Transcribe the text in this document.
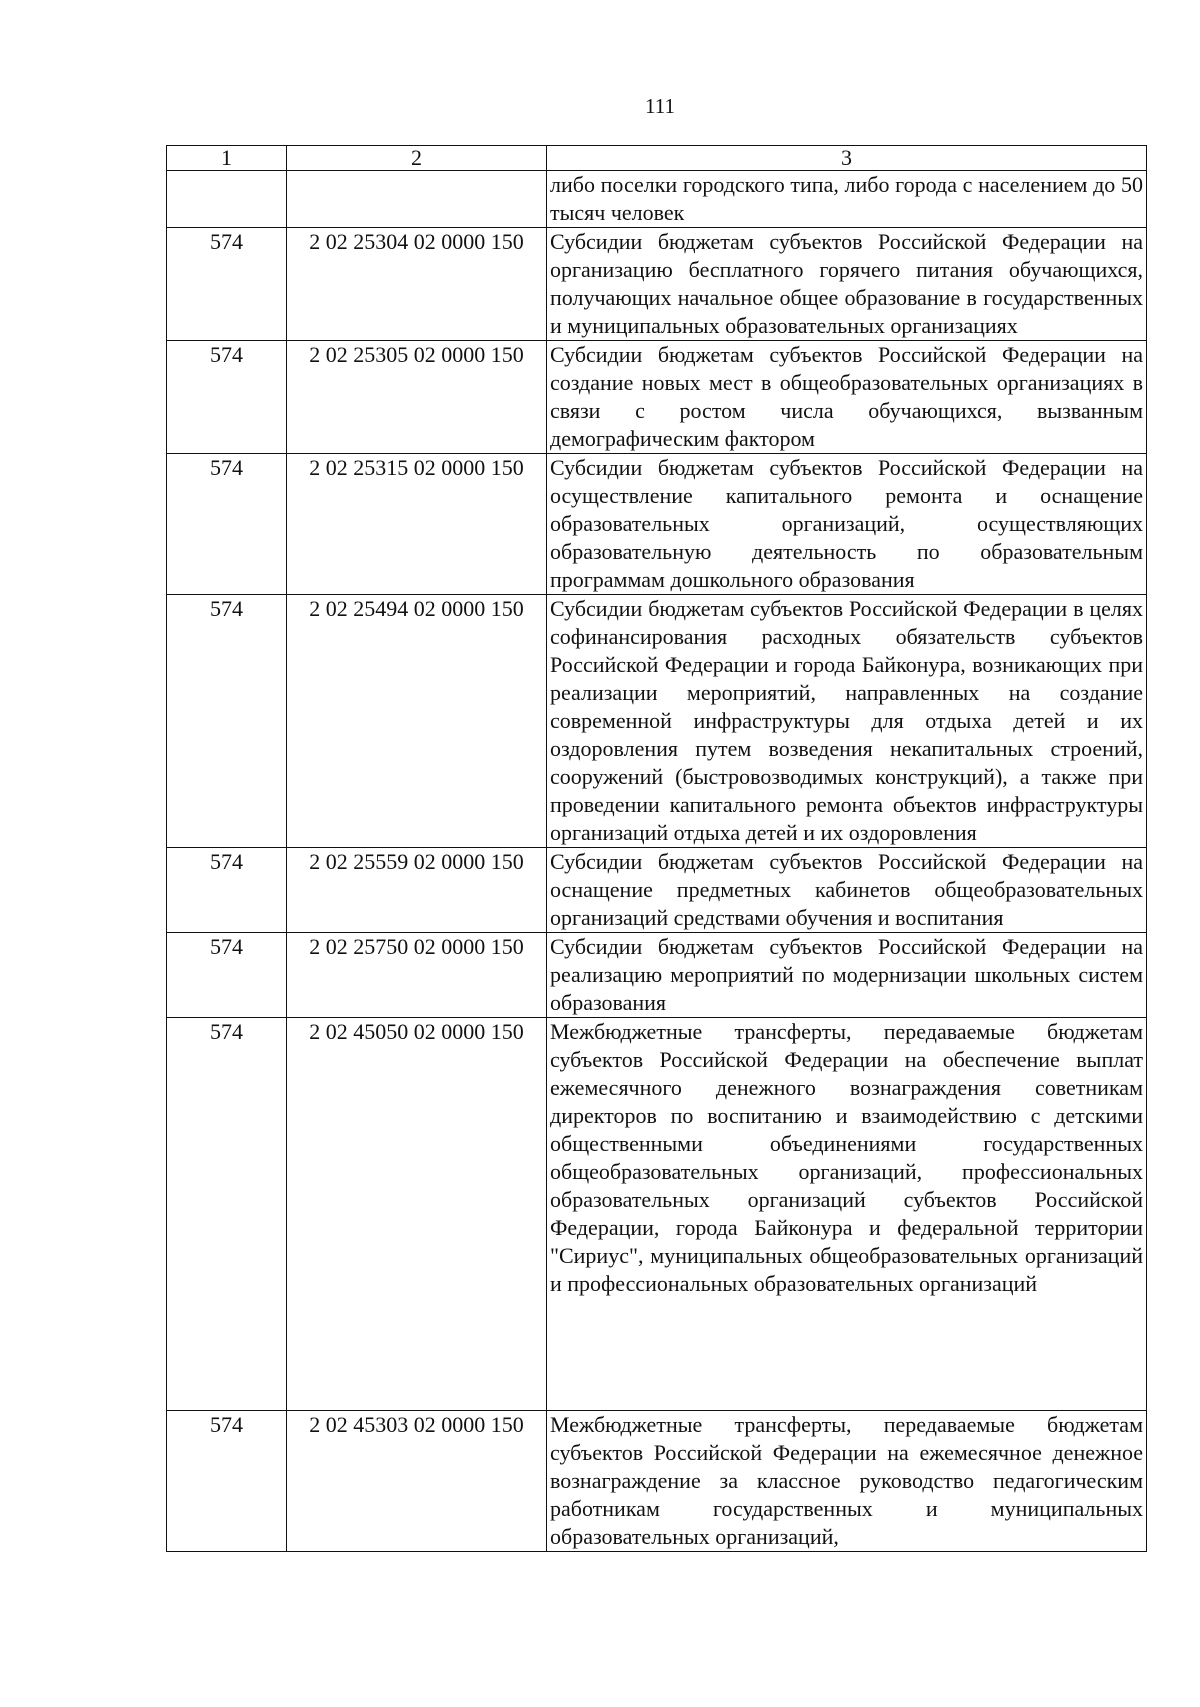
111
1	2	3
		либо поселки городского типа, либо города с населением до 50 тысяч человек
574	2 02 25304 02 0000 150	Субсидии бюджетам субъектов Российской Федерации на организацию бесплатного горячего питания обучающихся, получающих начальное общее образование в государственных и муниципальных образовательных организациях
574	2 02 25305 02 0000 150	Субсидии бюджетам субъектов Российской Федерации на создание новых мест в общеобразовательных организациях в связи с ростом числа обучающихся, вызванным демографическим фактором
574	2 02 25315 02 0000 150	Субсидии бюджетам субъектов Российской Федерации на осуществление капитального ремонта и оснащение образовательных организаций, осуществляющих образовательную деятельность по образовательным программам дошкольного образования
574	2 02 25494 02 0000 150	Субсидии бюджетам субъектов Российской Федерации в целях софинансирования расходных обязательств субъектов Российской Федерации и города Байконура, возникающих при реализации мероприятий, направленных на создание современной инфраструктуры для отдыха детей и их оздоровления путем возведения некапитальных строений, сооружений (быстровозводимых конструкций), а также при проведении капитального ремонта объектов инфраструктуры организаций отдыха детей и их оздоровления
574	2 02 25559 02 0000 150	Субсидии бюджетам субъектов Российской Федерации на оснащение предметных кабинетов общеобразовательных организаций средствами обучения и воспитания
574	2 02 25750 02 0000 150	Субсидии бюджетам субъектов Российской Федерации на реализацию мероприятий по модернизации школьных систем образования
574	2 02 45050 02 0000 150	Межбюджетные трансферты, передаваемые бюджетам субъектов Российской Федерации на обеспечение выплат ежемесячного денежного вознаграждения советникам директоров по воспитанию и взаимодействию с детскими общественными объединениями государственных общеобразовательных организаций, профессиональных образовательных организаций субъектов Российской Федерации, города Байконура и федеральной территории "Сириус", муниципальных общеобразовательных организаций и профессиональных образовательных организаций
574	2 02 45303 02 0000 150	Межбюджетные трансферты, передаваемые бюджетам субъектов Российской Федерации на ежемесячное денежное вознаграждение за классное руководство педагогическим работникам государственных и муниципальных образовательных организаций,
